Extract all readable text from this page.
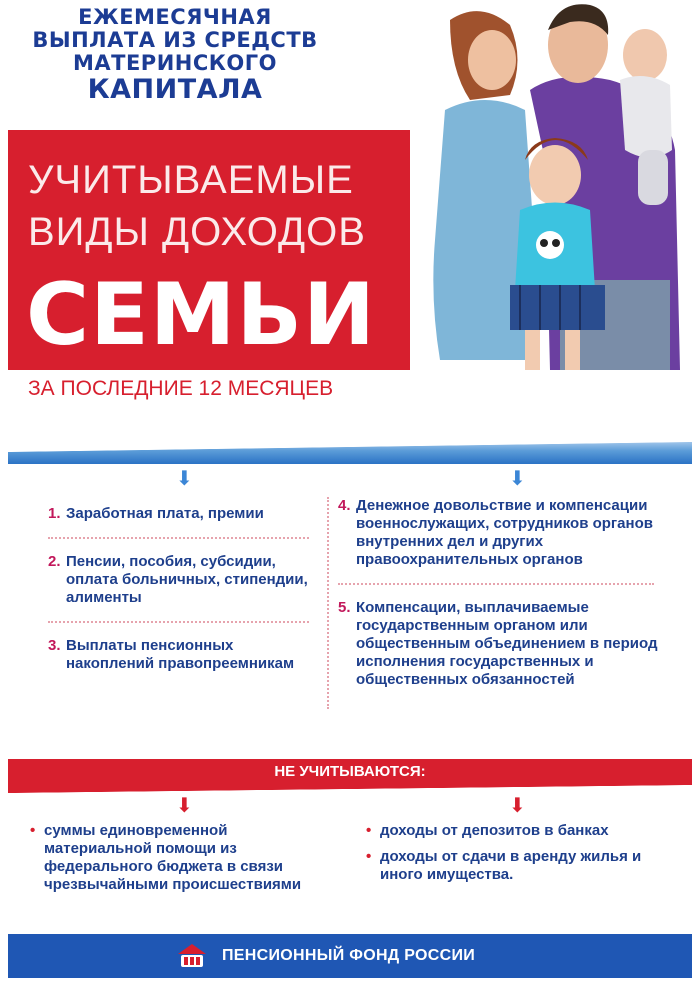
ЕЖЕМЕСЯЧНАЯ
ВЫПЛАТА ИЗ СРЕДСТВ
МАТЕРИНСКОГО
КАПИТАЛА
УЧИТЫВАЕМЫЕ
ВИДЫ ДОХОДОВ
СЕМЬИ
ЗА ПОСЛЕДНИЕ 12 МЕСЯЦЕВ
⬇	⬇
1. Заработная плата, премии
2. Пенсии, пособия, субсидии, оплата больничных, стипендии, алименты
3. Выплаты пенсионных накоплений правопреемникам
4. Денежное довольствие и компенсации военнослужащих, сотрудников органов внутренних дел и других правоохранительных органов
5. Компенсации, выплачиваемые государственным органом или общественным объединением в период исполнения государственных и общественных обязанностей
НЕ УЧИТЫВАЮТСЯ:
⬇	⬇
• суммы единовременной материальной помощи из федерального бюджета в связи чрезвычайными происшествиями
• доходы от депозитов в банках
• доходы от сдачи в аренду жилья и иного имущества.
ПЕНСИОННЫЙ ФОНД РОССИИ
